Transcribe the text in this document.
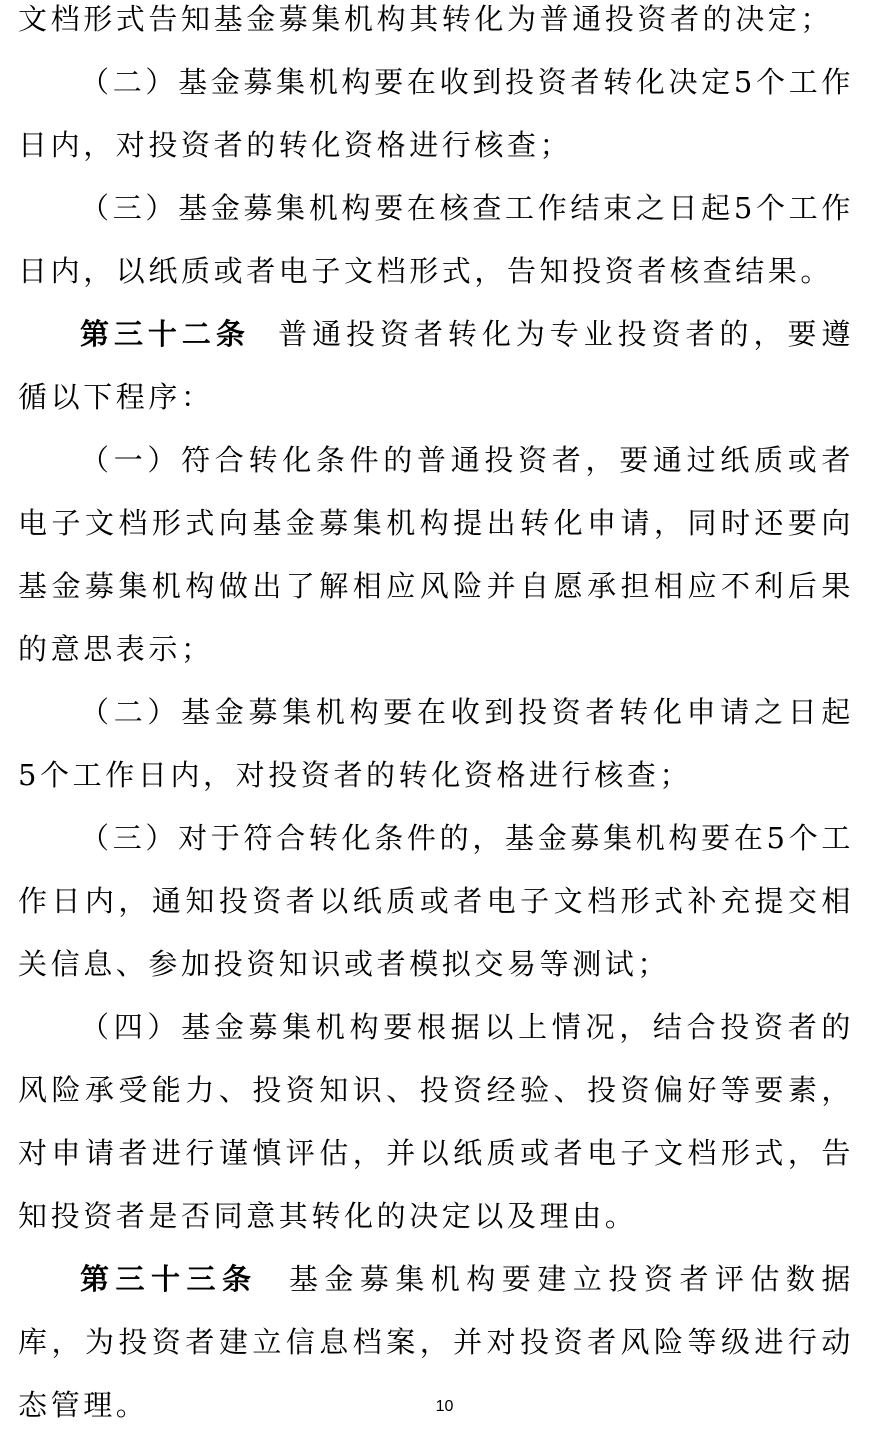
文档形式告知基金募集机构其转化为普通投资者的决定；

（二）基金募集机构要在收到投资者转化决定5个工作日内，对投资者的转化资格进行核查；

（三）基金募集机构要在核查工作结束之日起5个工作日内，以纸质或者电子文档形式，告知投资者核查结果。

第三十二条 普通投资者转化为专业投资者的，要遵循以下程序：

（一）符合转化条件的普通投资者，要通过纸质或者电子文档形式向基金募集机构提出转化申请，同时还要向基金募集机构做出了解相应风险并自愿承担相应不利后果的意思表示；

（二）基金募集机构要在收到投资者转化申请之日起 5个工作日内，对投资者的转化资格进行核查；

（三）对于符合转化条件的，基金募集机构要在5个工作日内，通知投资者以纸质或者电子文档形式补充提交相关信息、参加投资知识或者模拟交易等测试；

（四）基金募集机构要根据以上情况，结合投资者的风险承受能力、投资知识、投资经验、投资偏好等要素，对申请者进行谨慎评估，并以纸质或者电子文档形式，告知投资者是否同意其转化的决定以及理由。

第三十三条 基金募集机构要建立投资者评估数据库，为投资者建立信息档案，并对投资者风险等级进行动态管理。	10
